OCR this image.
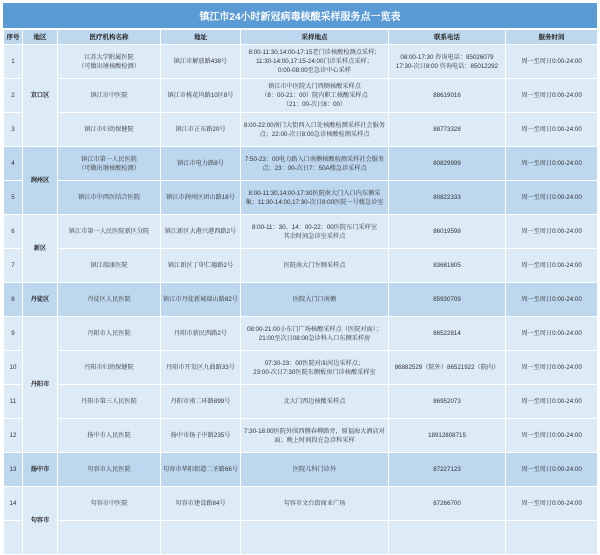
镇江市24小时新冠病毒核酸采样服务点一览表
序号	地区	医疗机构名称	地址	采样地点	联系电话	服务时间
1	京口区	江苏大学附属医院
（可做出境核酸检测）	镇江市解放路438号	8:00-11:30,14:00-17:15老门诊核酸检测点采样；
11:30-14:00,17:15-24:00门诊采样点采样；
0:00-08:00至急诊中心采样	08:00-17:30 咨询电话：85026079
17:30-次日8:00 咨询电话：85012292	周一至周日0:00-24:00
2		镇江市中医院	镇江市桃花坞路10区8号	镇江市中医院大门西侧核酸采样点
（8：00-21：00）院内职工核酸采样点
（21：00-次日8：00）	88619016	周一至周日0:00-24:00
3		镇江市妇幼保健院	镇江市正东路20号	8:00-22:00南门大街西入口处核酸检测采样社会服务
点；22:00-次日8:00急诊核酸检测采样点	88773328	周一至周日0:00-24:00
4	润州区	镇江市第一人民医院
（可做出境核酸检测）	镇江市电力路8号	7:50-23：00电力路入口南侧核酸检测采样社会服务
点；23：00-次日7：50A楼急诊采样点	80829999	周一至周日0:00-24:00
5		镇江市中西医结合医院	镇江市润州区团山路18号	8:00-11:30,14:00-17:30医院南大门入口内东侧采
集；11:30-14:00,17:30-次日8:00医院一号楼急诊室	80822333	周一至周日0:00-24:00
6	新区	镇江市第一人民医院新区分院	镇江新区大港兴港西路2号	8:00-11：30、14：00-22：00医院东门采样室
其余时间急诊室采样点	86019598	周一至周日0:00-24:00
7		镇江瑞康医院	镇江新区丁卯仁德路2号	医院南大门左侧采样点	83681805	周一至周日0:00-24:00
8	丹徒区	丹徒区人民医院	镇江市丹徒新城瑞山路82号	医院大门口南侧	85930709	周一至周日0:00-24:00
9	丹阳市	丹阳市人民医院	丹阳市新民西路2号	08:00-21:00小东门广场核酸采样点（医院对面）；
21:00至次日08:00急诊科入口东侧采样房	86522814	周一至周日0:00-24:00
10		丹阳市妇幼保健院	丹阳市开发区九曲路33号	07:30-23：00医院对面河边采样点；
23:00-次日7:30医院东侧板房门诊核酸采样室	86882529（院外）86521922（院内）	周一至周日0:00-24:00
11		丹阳市第三人民医院	丹阳市南二环路899号	北大门西边核酸采样点	86952073	周一至周日0:00-24:00
12		扬中市人民医院	扬中市扬子中路235号	7:30-18:00医院外围西侧春柳路旁，原福海大酒店对
面；晚上时间段在急诊科采样	18912808715	周一至周日0:00-24:00
13	扬中市	句容市人民医院	句容市华阳街道二圣路66号	医院儿科门诊外	87227123	周一至周日0:00-24:00
14	句容市	句容市中医院	句容市建设路84号	句容市文台街商业广场	87266700	周一至周日0:00-24:00
